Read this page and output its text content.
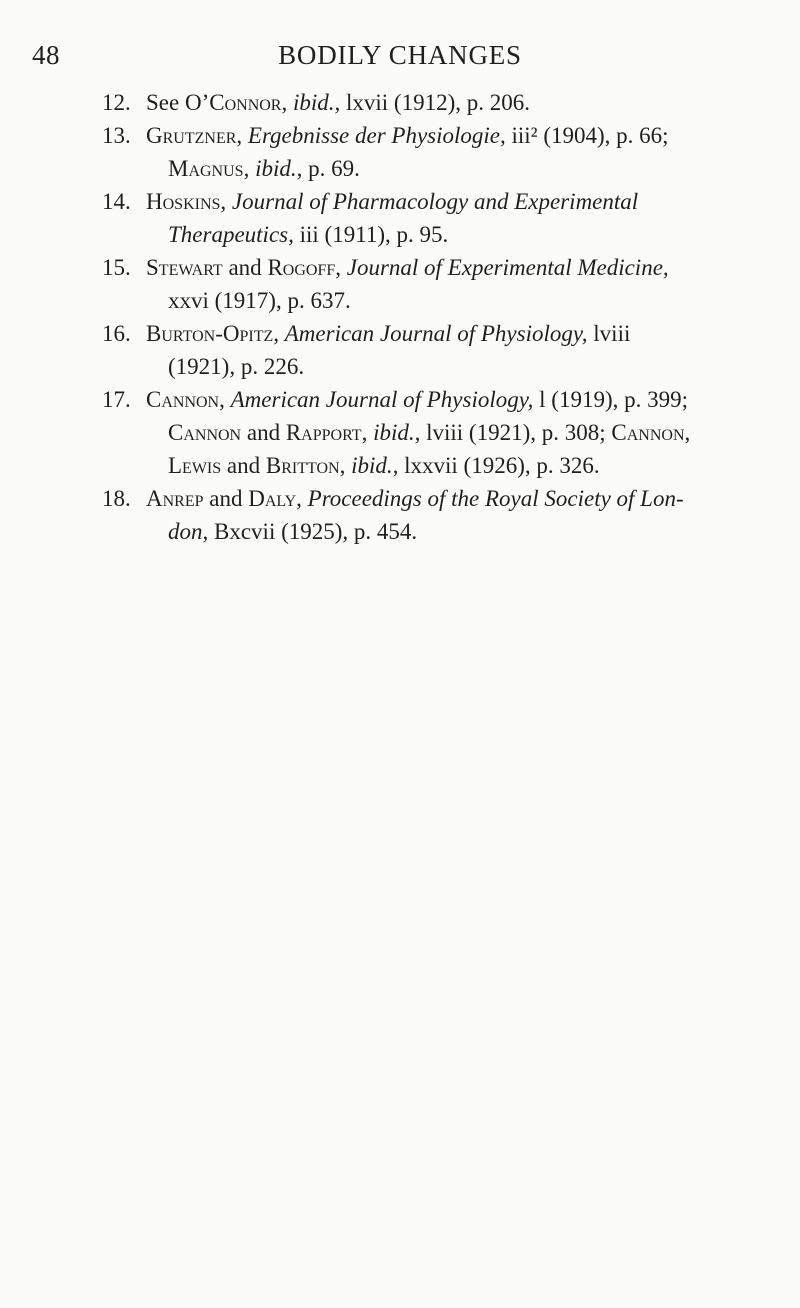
48	BODILY CHANGES
12. See O’Connor, ibid., lxvii (1912), p. 206.
13. Grutzner, Ergebnisse der Physiologie, iii² (1904), p. 66;
Magnus, ibid., p. 69.
14. Hoskins, Journal of Pharmacology and Experimental
Therapeutics, iii (1911), p. 95.
15. Stewart and Rogoff, Journal of Experimental Medicine,
xxvi (1917), p. 637.
16. Burton-Opitz, American Journal of Physiology, lviii
(1921), p. 226.
17. Cannon, American Journal of Physiology, l (1919), p. 399;
Cannon and Rapport, ibid., lviii (1921), p. 308; Cannon,
Lewis and Britton, ibid., lxxvii (1926), p. 326.
18. Anrep and Daly, Proceedings of the Royal Society of Lon-
don, Bxcvii (1925), p. 454.
